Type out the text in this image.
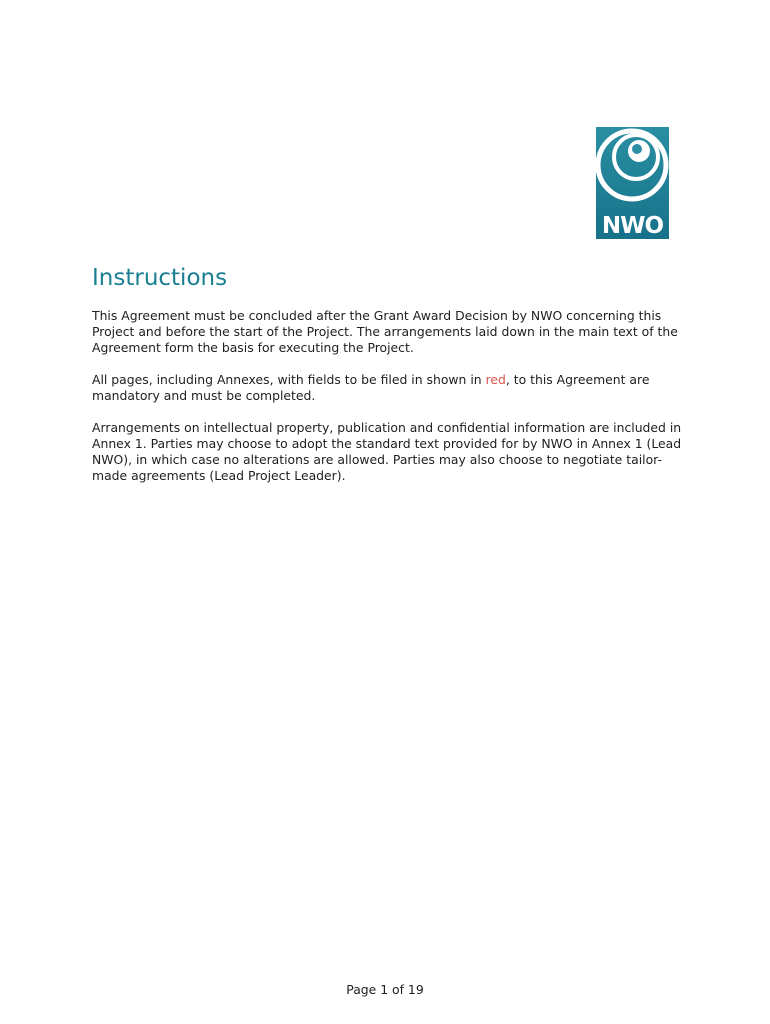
NWO
Instructions

This Agreement must be concluded after the Grant Award Decision by NWO concerning this Project and before the start of the Project. The arrangements laid down in the main text of the Agreement form the basis for executing the Project.

All pages, including Annexes, with fields to be filed in shown in red, to this Agreement are mandatory and must be completed.

Arrangements on intellectual property, publication and confidential information are included in Annex 1. Parties may choose to adopt the standard text provided for by NWO in Annex 1 (Lead NWO), in which case no alterations are allowed. Parties may also choose to negotiate tailor-made agreements (Lead Project Leader).

Page 1 of 19
